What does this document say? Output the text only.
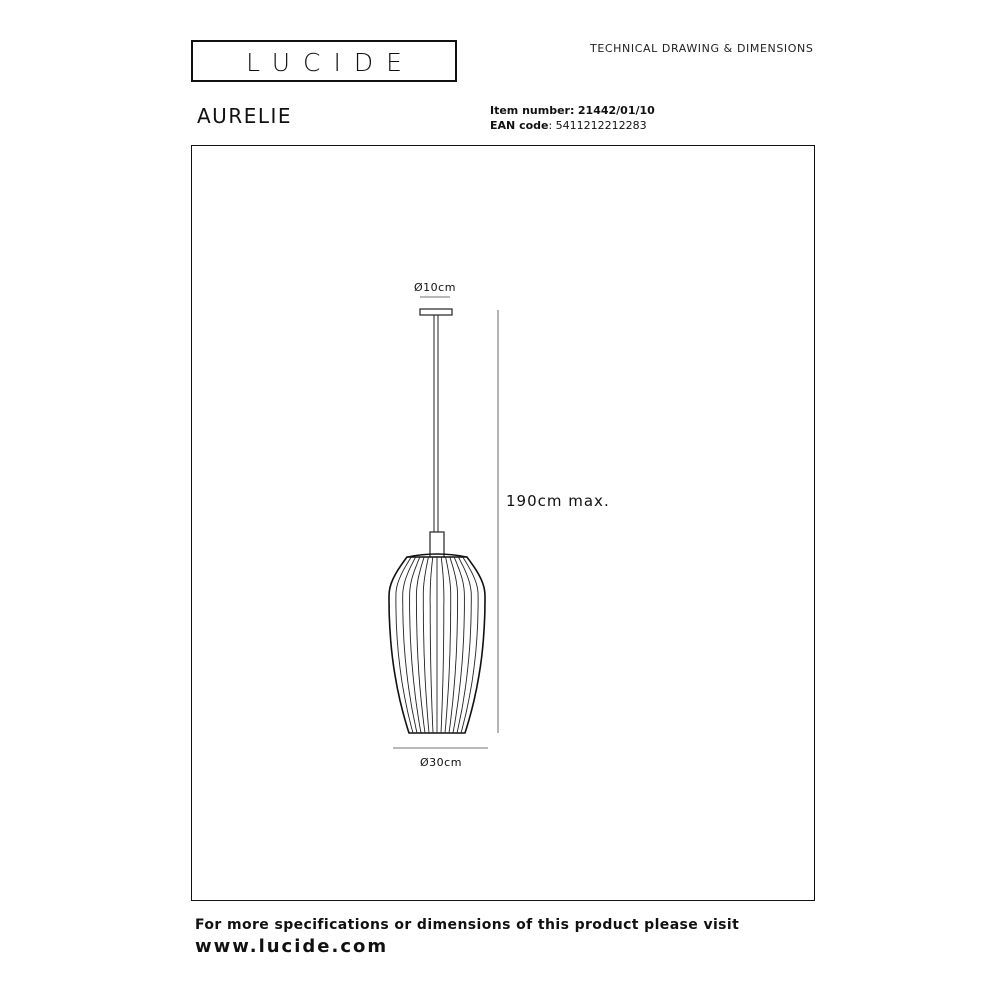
LUCIDE	TECHNICAL DRAWING & DIMENSIONS
AURELIE	Item number: 21442/01/10
EAN code: 5411212212283
Ø10cm
190cm max.
Ø30cm
For more specifications or dimensions of this product please visit
www.lucide.com
